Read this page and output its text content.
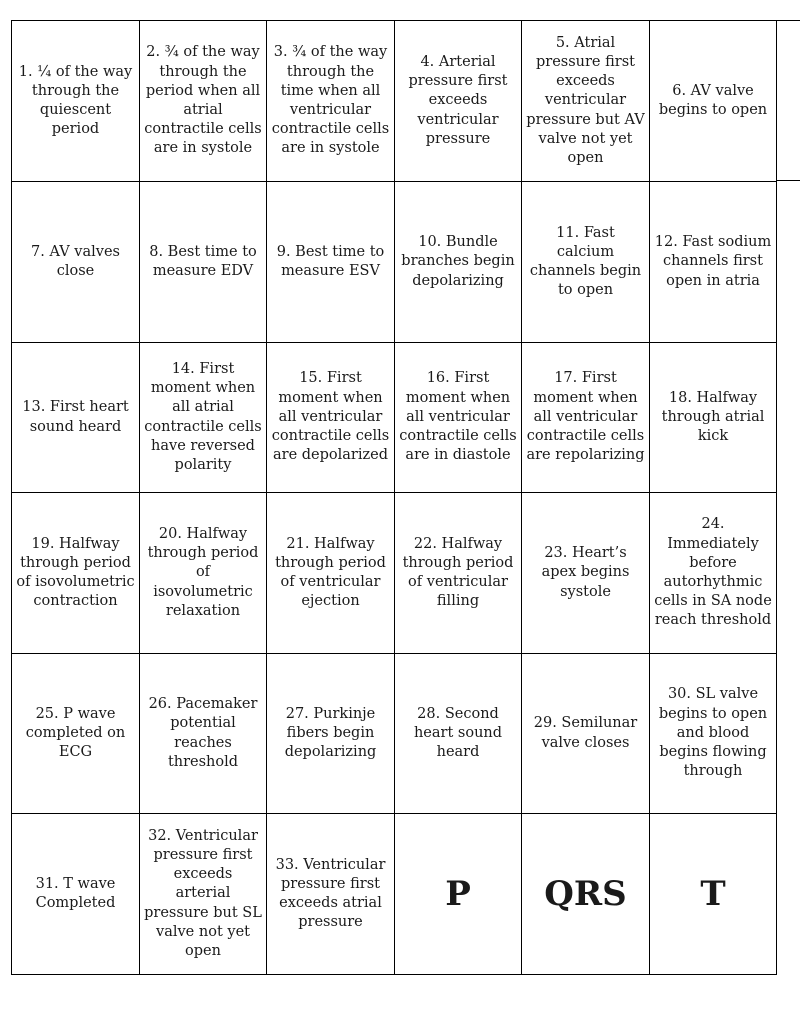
1. ¼ of the way through the quiescent period	2. ¾ of the way through the period when all atrial contractile cells are in systole	3. ¾ of the way through the time when all ventricular contractile cells are in systole	4. Arterial pressure first exceeds ventricular pressure	5. Atrial pressure first exceeds ventricular pressure but AV valve not yet open	6. AV valve begins to open
7. AV valves close	8. Best time to measure EDV	9. Best time to measure ESV	10. Bundle branches begin depolarizing	11. Fast calcium channels begin to open	12. Fast sodium channels first open in atria
13. First heart sound heard	14. First moment when all atrial contractile cells have reversed polarity	15. First moment when all ventricular contractile cells are depolarized	16. First moment when all ventricular contractile cells are in diastole	17. First moment when all ventricular contractile cells are repolarizing	18. Halfway through atrial kick
19. Halfway through period of isovolumetric contraction	20. Halfway through period of isovolumetric relaxation	21. Halfway through period of ventricular ejection	22. Halfway through period of ventricular filling	23. Heart’s apex begins systole	24. Immediately before autorhythmic cells in SA node reach threshold
25. P wave completed on ECG	26. Pacemaker potential reaches threshold	27. Purkinje fibers begin depolarizing	28. Second heart sound heard	29. Semilunar valve closes	30. SL valve begins to open and blood begins flowing through
31. T wave Completed	32. Ventricular pressure first exceeds arterial pressure but SL valve not yet open	33. Ventricular pressure first exceeds atrial pressure	P	QRS	T
